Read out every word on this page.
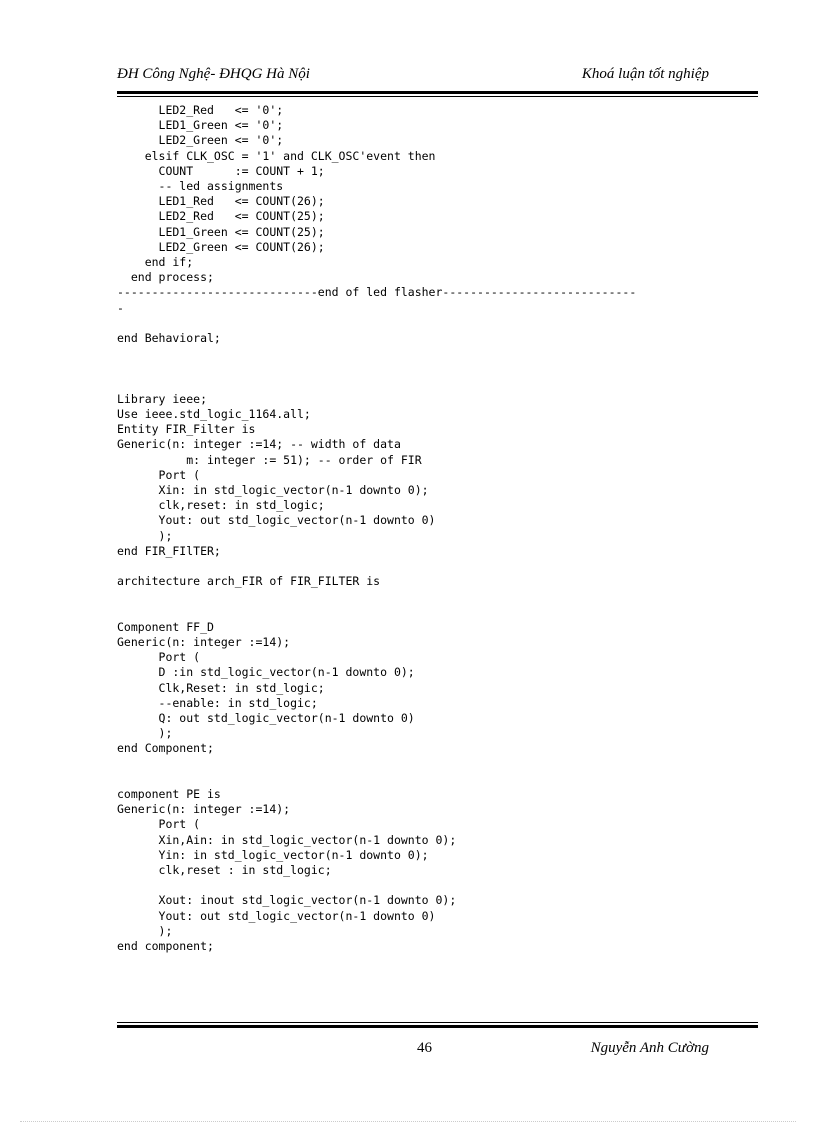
ĐH Công Nghệ- ĐHQG Hà Nội	Khoá luận tốt nghiệp
LED2_Red   <= '0';
LED1_Green <= '0';
LED2_Green <= '0';
elsif CLK_OSC = '1' and CLK_OSC'event then
COUNT      := COUNT + 1;
-- led assignments
LED1_Red   <= COUNT(26);
LED2_Red   <= COUNT(25);
LED1_Green <= COUNT(25);
LED2_Green <= COUNT(26);
end if;
end process;
-----------------------------end of led flasher----------------------------
-
end Behavioral;
Library ieee;
Use ieee.std_logic_1164.all;
Entity FIR_Filter is
Generic(n: integer :=14; -- width of data
m: integer := 51); -- order of FIR
Port (
Xin: in std_logic_vector(n-1 downto 0);
clk,reset: in std_logic;
Yout: out std_logic_vector(n-1 downto 0)
);
end FIR_FIlTER;
architecture arch_FIR of FIR_FILTER is
Component FF_D
Generic(n: integer :=14);
Port (
D :in std_logic_vector(n-1 downto 0);
Clk,Reset: in std_logic;
--enable: in std_logic;
Q: out std_logic_vector(n-1 downto 0)
);
end Component;
component PE is
Generic(n: integer :=14);
Port (
Xin,Ain: in std_logic_vector(n-1 downto 0);
Yin: in std_logic_vector(n-1 downto 0);
clk,reset : in std_logic;
Xout: inout std_logic_vector(n-1 downto 0);
Yout: out std_logic_vector(n-1 downto 0)
);
end component;
46	Nguyễn Anh Cường
